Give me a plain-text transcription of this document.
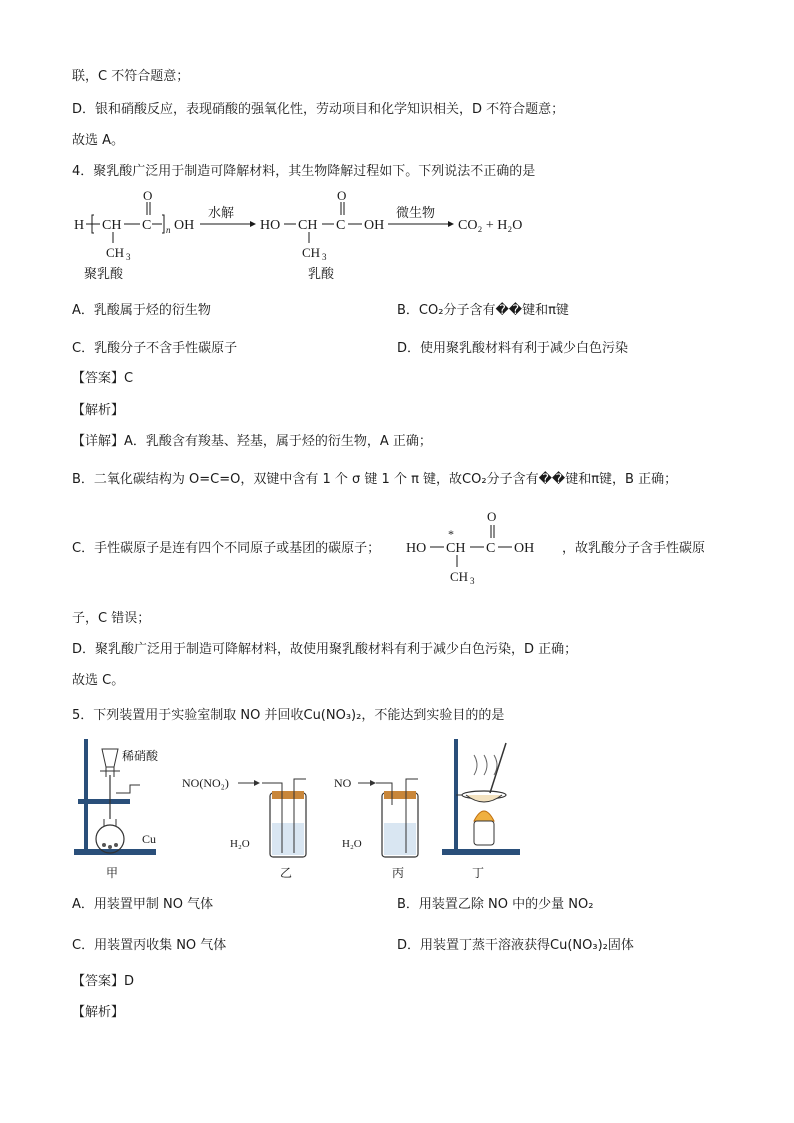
联，C 不符合题意；
D．银和硝酸反应，表现硝酸的强氧化性，劳动项目和化学知识相关，D 不符合题意；
故选 A。
4．聚乳酸广泛用于制造可降解材料，其生物降解过程如下。下列说法不正确的是
H CH C
O
n OH
CH 3
聚乳酸
水解
HO CH C
O
OH
CH 3
乳酸
微生物
CO₂ + H₂O
A．乳酸属于烃的衍生物	B．CO₂分子含有��键和π键
C．乳酸分子不含手性碳原子	D．使用聚乳酸材料有利于减少白色污染
【答案】C
【解析】
【详解】A．乳酸含有羧基、羟基，属于烃的衍生物，A 正确；
B．二氧化碳结构为 O=C=O，双键中含有 1 个 σ 键 1 个 π 键，故CO₂分子含有��键和π键，B 正确；
C．手性碳原子是连有四个不同原子或基团的碳原子； HO
*
CH C
O
OH
CH 3
，故乳酸分子含手性碳原
子，C 错误；
D．聚乳酸广泛用于制造可降解材料，故使用聚乳酸材料有利于减少白色污染，D 正确；
故选 C。
5．下列装置用于实验室制取 NO 并回收Cu(NO₃)₂，不能达到实验目的的是
稀硝酸
Cu
甲
NO(NO₂)
H₂O
乙
NO
H₂O
丙	丁
A．用装置甲制 NO 气体	B．用装置乙除 NO 中的少量 NO₂
C．用装置丙收集 NO 气体	D．用装置丁蒸干溶液获得Cu(NO₃)₂固体
【答案】D
【解析】
